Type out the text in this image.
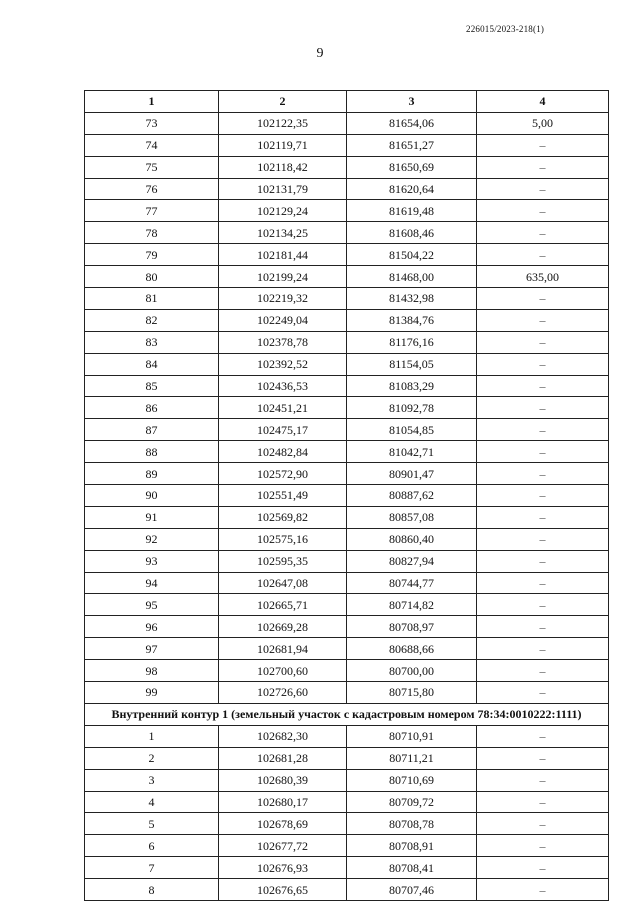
226015/2023-218(1)
9
1	2	3	4
73	102122,35	81654,06	5,00
74	102119,71	81651,27	–
75	102118,42	81650,69	–
76	102131,79	81620,64	–
77	102129,24	81619,48	–
78	102134,25	81608,46	–
79	102181,44	81504,22	–
80	102199,24	81468,00	635,00
81	102219,32	81432,98	–
82	102249,04	81384,76	–
83	102378,78	81176,16	–
84	102392,52	81154,05	–
85	102436,53	81083,29	–
86	102451,21	81092,78	–
87	102475,17	81054,85	–
88	102482,84	81042,71	–
89	102572,90	80901,47	–
90	102551,49	80887,62	–
91	102569,82	80857,08	–
92	102575,16	80860,40	–
93	102595,35	80827,94	–
94	102647,08	80744,77	–
95	102665,71	80714,82	–
96	102669,28	80708,97	–
97	102681,94	80688,66	–
98	102700,60	80700,00	–
99	102726,60	80715,80	–
Внутренний контур 1 (земельный участок с кадастровым номером 78:34:0010222:1111)			
1	102682,30	80710,91	–
2	102681,28	80711,21	–
3	102680,39	80710,69	–
4	102680,17	80709,72	–
5	102678,69	80708,78	–
6	102677,72	80708,91	–
7	102676,93	80708,41	–
8	102676,65	80707,46	–
